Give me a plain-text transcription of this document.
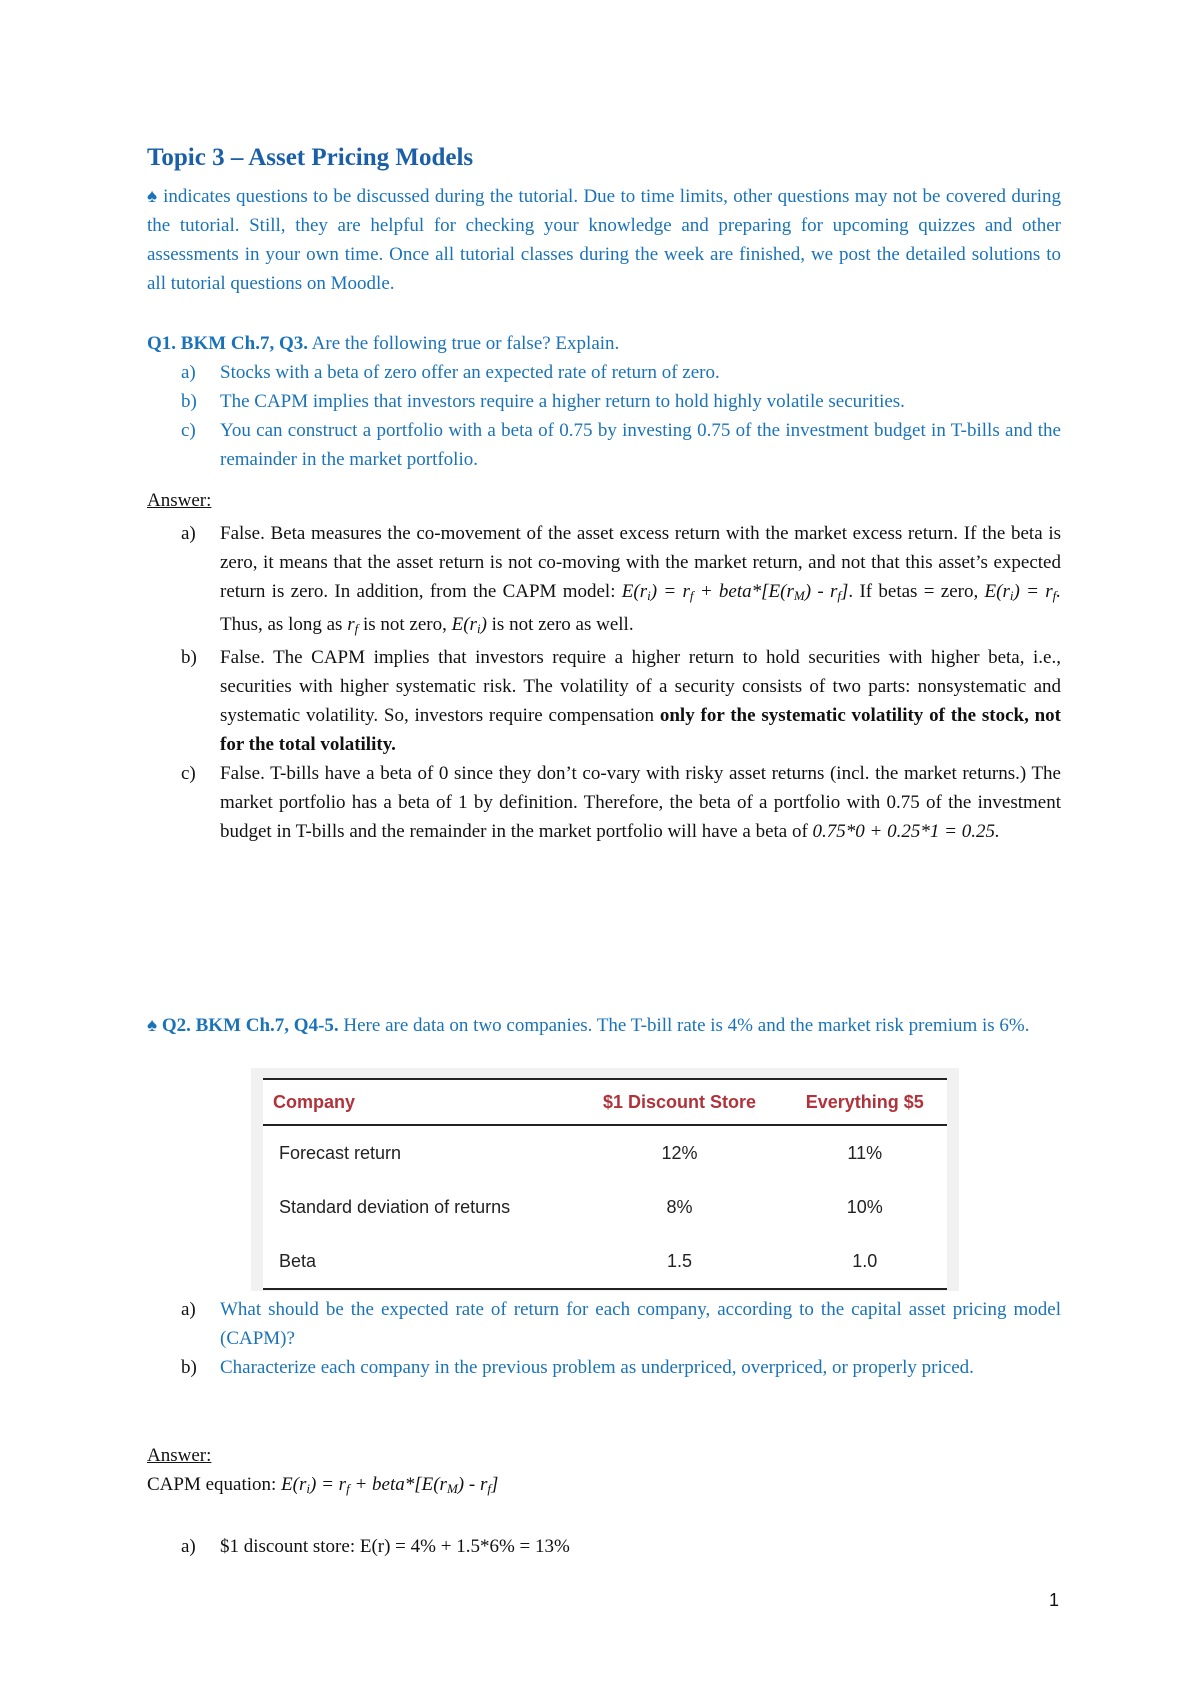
Topic 3 – Asset Pricing Models
♠ indicates questions to be discussed during the tutorial. Due to time limits, other questions may not be covered during the tutorial. Still, they are helpful for checking your knowledge and preparing for upcoming quizzes and other assessments in your own time. Once all tutorial classes during the week are finished, we post the detailed solutions to all tutorial questions on Moodle.
Q1. BKM Ch.7, Q3. Are the following true or false? Explain.
a) Stocks with a beta of zero offer an expected rate of return of zero.
b) The CAPM implies that investors require a higher return to hold highly volatile securities.
c) You can construct a portfolio with a beta of 0.75 by investing 0.75 of the investment budget in T-bills and the remainder in the market portfolio.
Answer:
a) False. Beta measures the co-movement of the asset excess return with the market excess return. If the beta is zero, it means that the asset return is not co-moving with the market return, and not that this asset’s expected return is zero. In addition, from the CAPM model: $E(r_i) = r_f$ + $beta*[E(r_M) - r_f]$. If betas = zero, $E(r_i) = r_f$. Thus, as long as $r_f$ is not zero, $E(r_i)$ is not zero as well.
b) False. The CAPM implies that investors require a higher return to hold securities with higher beta, i.e., securities with higher systematic risk. The volatility of a security consists of two parts: nonsystematic and systematic volatility. So, investors require compensation only for the systematic volatility of the stock, not for the total volatility.
c) False. T-bills have a beta of 0 since they don’t co-vary with risky asset returns (incl. the market returns.) The market portfolio has a beta of 1 by definition. Therefore, the beta of a portfolio with 0.75 of the investment budget in T-bills and the remainder in the market portfolio will have a beta of 0.75*0 + 0.25*1 = 0.25.
♠ Q2. BKM Ch.7, Q4-5. Here are data on two companies. The T-bill rate is 4% and the market risk premium is 6%.
Company	$1 Discount Store	Everything $5
Forecast return	12%	11%
Standard deviation of returns	8%	10%
Beta	1.5	1.0
a) What should be the expected rate of return for each company, according to the capital asset pricing model (CAPM)?
b) Characterize each company in the previous problem as underpriced, overpriced, or properly priced.
Answer:
CAPM equation: $E(r_i) = r_f$ + $beta*[E(r_M) - r_f]$
a) $1 discount store: E(r) = 4% + 1.5*6% = 13%
1
